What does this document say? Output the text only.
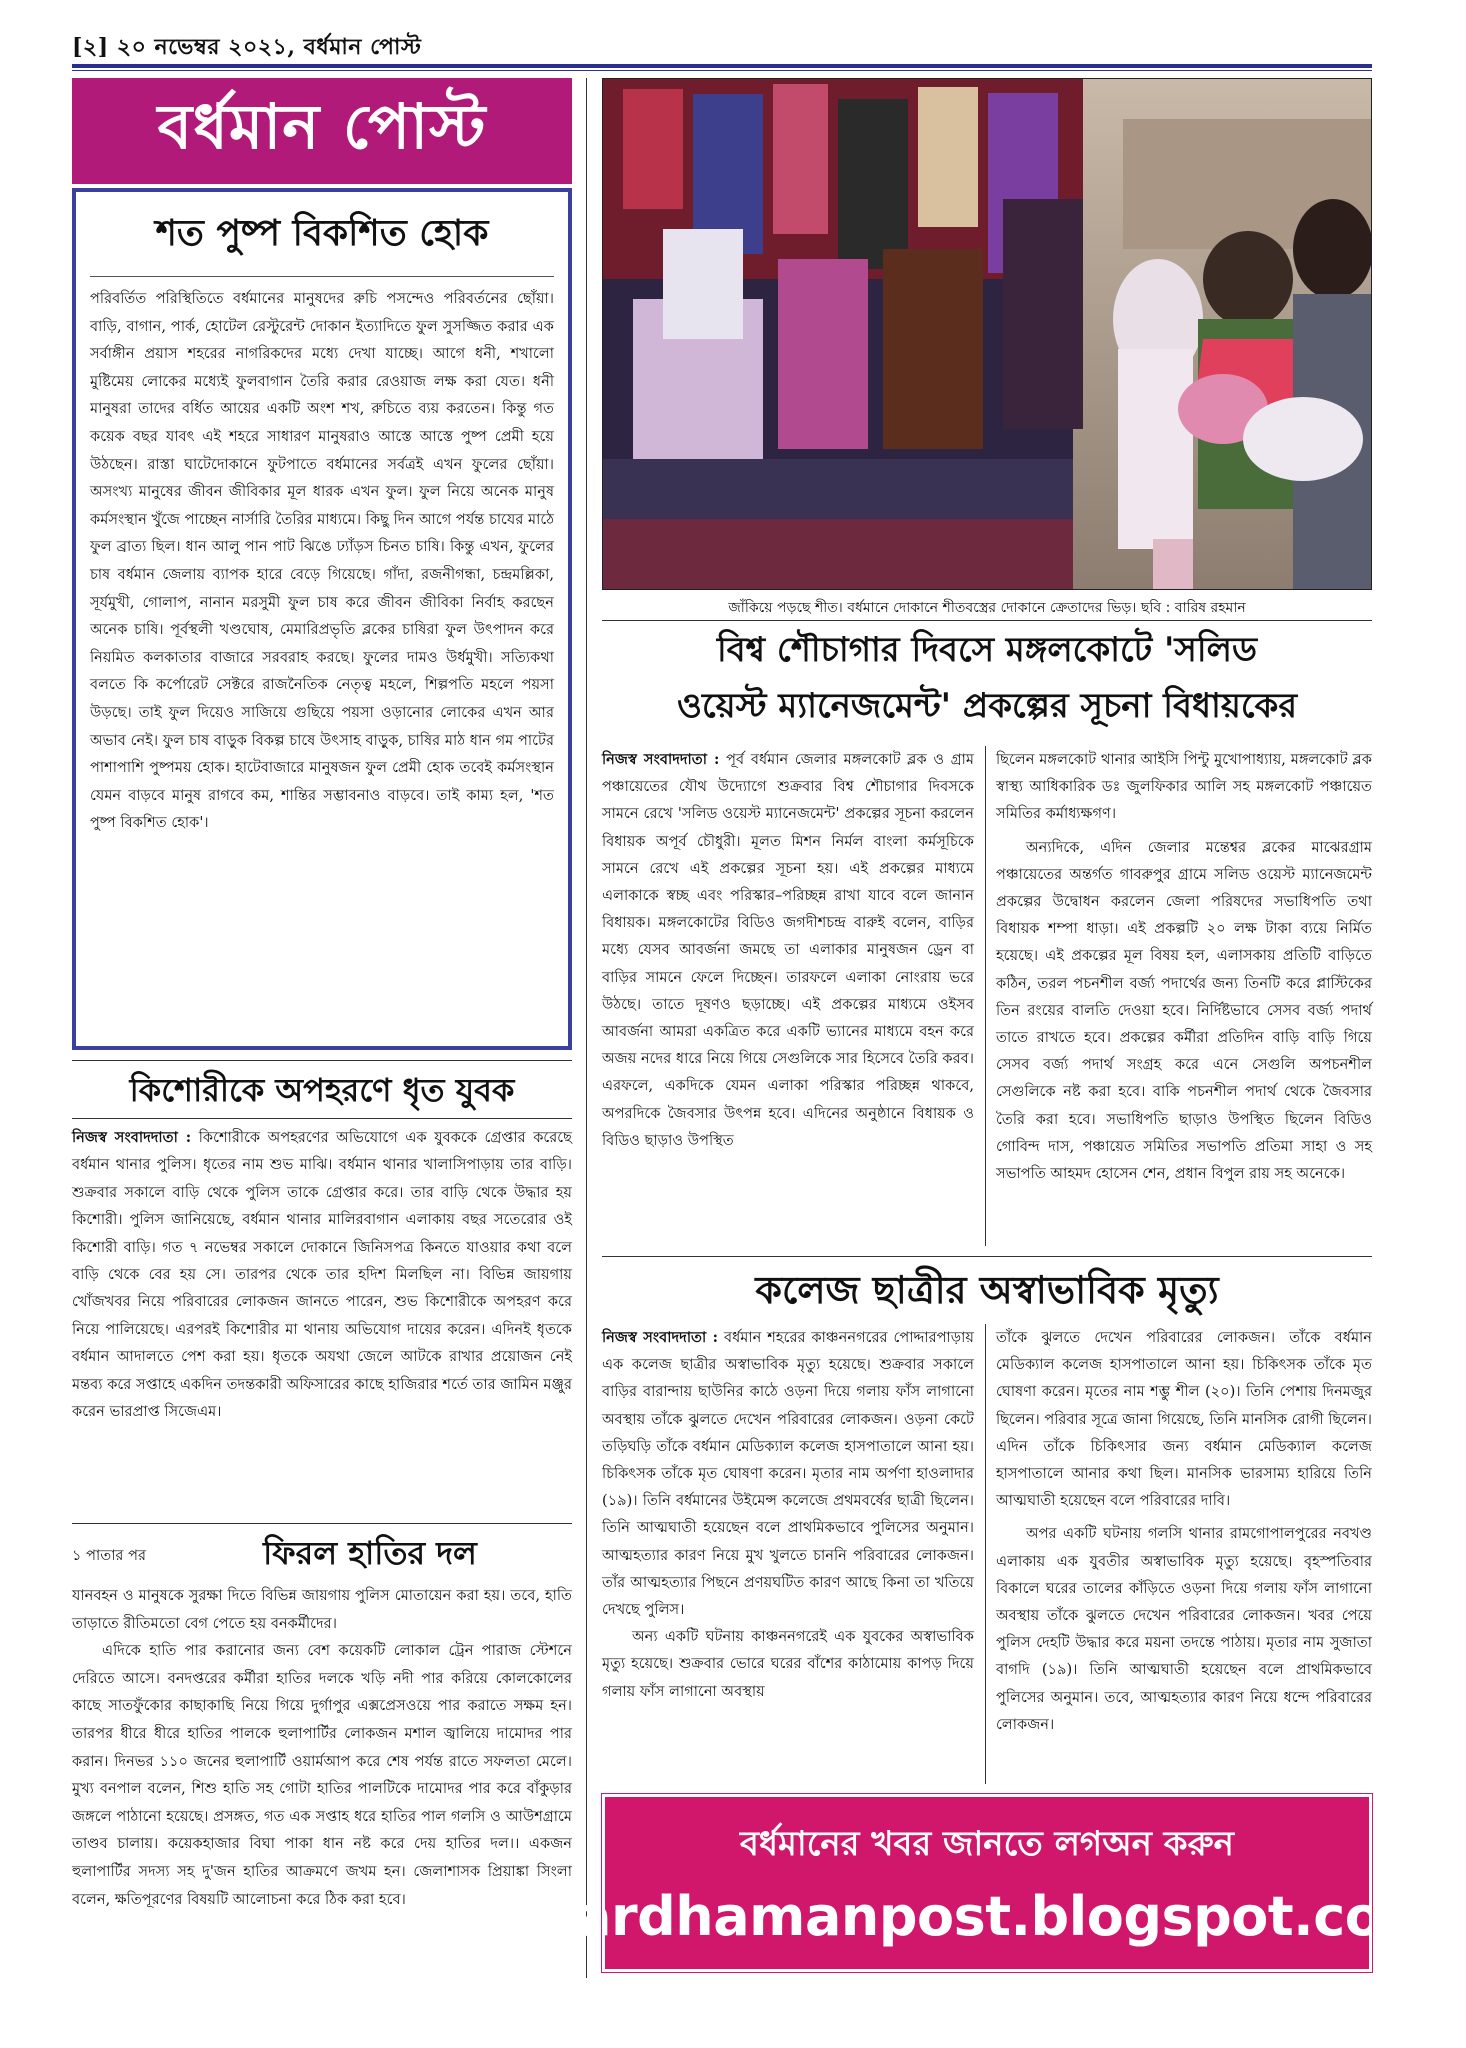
[২] ২০ নভেম্বর ২০২১, বর্ধমান পোস্ট
বর্ধমান পোস্ট
শত পুষ্প বিকশিত হোক
পরিবর্তিত পরিস্থিতিতে বর্ধমানের মানুষদের রুচি পসন্দেও পরিবর্তনের ছোঁয়া। বাড়ি, বাগান, পার্ক, হোটেল রেস্টুরেন্ট দোকান ইত্যাদিতে ফুল সুসজ্জিত করার এক সর্বাঙ্গীন প্রয়াস শহরের নাগরিকদের মধ্যে দেখা যাচ্ছে। আগে ধনী, শখালো মুষ্টিমেয় লোকের মধ্যেই ফুলবাগান তৈরি করার রেওয়াজ লক্ষ করা যেত। ধনী মানুষরা তাদের বর্ধিত আয়ের একটি অংশ শখ, রুচিতে ব্যয় করতেন। কিন্তু গত কয়েক বছর যাবৎ এই শহরে সাধারণ মানুষরাও আস্তে আস্তে পুষ্প প্রেমী হয়ে উঠছেন। রাস্তা ঘাটেদোকানে ফুটপাতে বর্ধমানের সর্বত্রই এখন ফুলের ছোঁয়া। অসংখ্য মানুষের জীবন জীবিকার মূল ধারক এখন ফুল। ফুল নিয়ে অনেক মানুষ কর্মসংস্থান খুঁজে পাচ্ছেন নার্সারি তৈরির মাধ্যমে। কিছু দিন আগে পর্যন্ত চাযের মাঠে ফুল ব্রাত্য ছিল। ধান আলু পান পাট ঝিঙে ঢ্যাঁড়স চিনত চাষি। কিন্তু এখন, ফুলের চাষ বর্ধমান জেলায় ব্যাপক হারে বেড়ে গিয়েছে। গাঁদা, রজনীগন্ধা, চন্দ্রমল্লিকা, সূর্যমুখী, গোলাপ, নানান মরসুমী ফুল চাষ করে জীবন জীবিকা নির্বাহ করছেন অনেক চাষি। পূর্বস্থলী খণ্ডঘোষ, মেমারিপ্রভৃতি ব্লকের চাষিরা ফুল উৎপাদন করে নিয়মিত কলকাতার বাজারে সরবরাহ করছে। ফুলের দামও উর্ধমুখী। সত্যিকথা বলতে কি কর্পোরেট সেক্টরে রাজনৈতিক নেতৃত্ব মহলে, শিল্পপতি মহলে পয়সা উড়ছে। তাই ফুল দিয়েও সাজিয়ে গুছিয়ে পয়সা ওড়ানোর লোকের এখন আর অভাব নেই। ফুল চাষ বাড়ুক বিকল্প চাষে উৎসাহ বাড়ুক, চাষির মাঠ ধান গম পাটের পাশাপাশি পুষ্পময় হোক। হাটেবাজারে মানুষজন ফুল প্রেমী হোক তবেই কর্মসংস্থান যেমন বাড়বে মানুষ রাগবে কম, শান্তির সম্ভাবনাও বাড়বে। তাই কাম্য হল, 'শত পুষ্প বিকশিত হোক'।
কিশোরীকে অপহরণে ধৃত যুবক
নিজস্ব সংবাদদাতা : কিশোরীকে অপহরণের অভিযোগে এক যুবককে গ্রেপ্তার করেছে বর্ধমান থানার পুলিস। ধৃতের নাম শুভ মাঝি। বর্ধমান থানার খালাসিপাড়ায় তার বাড়ি। শুক্রবার সকালে বাড়ি থেকে পুলিস তাকে গ্রেপ্তার করে। তার বাড়ি থেকে উদ্ধার হয় কিশোরী। পুলিস জানিয়েছে, বর্ধমান থানার মালিরবাগান এলাকায় বছর সতেরোর ওই কিশোরী বাড়ি। গত ৭ নভেম্বর সকালে দোকানে জিনিসপত্র কিনতে যাওয়ার কথা বলে বাড়ি থেকে বের হয় সে। তারপর থেকে তার হদিশ মিলছিল না। বিভিন্ন জায়গায় খোঁজখবর নিয়ে পরিবারের লোকজন জানতে পারেন, শুভ কিশোরীকে অপহরণ করে নিয়ে পালিয়েছে। এরপরই কিশোরীর মা থানায় অভিযোগ দায়ের করেন। এদিনই ধৃতকে বর্ধমান আদালতে পেশ করা হয়। ধৃতকে অযথা জেলে আটকে রাখার প্রয়োজন নেই মন্তব্য করে সপ্তাহে একদিন তদন্তকারী অফিসারের কাছে হাজিরার শর্তে তার জামিন মঞ্জুর করেন ভারপ্রাপ্ত সিজেএম।
১ পাতার পর	ফিরল হাতির দল

যানবহন ও মানুষকে সুরক্ষা দিতে বিভিন্ন জায়গায় পুলিস মোতায়েন করা হয়। তবে, হাতি তাড়াতে রীতিমতো বেগ পেতে হয় বনকর্মীদের।

এদিকে হাতি পার করানোর জন্য বেশ কয়েকটি লোকাল ট্রেন পারাজ স্টেশনে দেরিতে আসে। বনদপ্তরের কর্মীরা হাতির দলকে খড়ি নদী পার করিয়ে কোলকোলের কাছে সাতফুঁকোর কাছাকাছি নিয়ে গিয়ে দুর্গাপুর এক্সপ্রেসওয়ে পার করাতে সক্ষম হন। তারপর ধীরে ধীরে হাতির পালকে হুলাপার্টির লোকজন মশাল জ্বালিয়ে দামোদর পার করান। দিনভর ১১০ জনের হুলাপার্টি ওয়ার্মআপ করে শেষ পর্যন্ত রাতে সফলতা মেলে। মুখ্য বনপাল বলেন, শিশু হাতি সহ গোটা হাতির পালটিকে দামোদর পার করে বাঁকুড়ার জঙ্গলে পাঠানো হয়েছে। প্রসঙ্গত, গত এক সপ্তাহ ধরে হাতির পাল গলসি ও আউশগ্রামে তাণ্ডব চালায়। কয়েকহাজার বিঘা পাকা ধান নষ্ট করে দেয় হাতির দল।। একজন হুলাপার্টির সদস্য সহ দু'জন হাতির আক্রমণে জখম হন। জেলাশাসক প্রিয়াঙ্কা সিংলা বলেন, ক্ষতিপূরণের বিষয়টি আলোচনা করে ঠিক করা হবে।

জাঁকিয়ে পড়ছে শীত। বর্ধমানে দোকানে শীতবস্ত্রের দোকানে ক্রেতাদের ভিড়। ছবি : বারিষ রহমান
বিশ্ব শৌচাগার দিবসে মঙ্গলকোটে 'সলিড
ওয়েস্ট ম্যানেজমেন্ট' প্রকল্পের সূচনা বিধায়কের
নিজস্ব সংবাদদাতা : পূর্ব বর্ধমান জেলার মঙ্গলকোট ব্লক ও গ্রাম পঞ্চায়েতের যৌথ উদ্যোগে শুক্রবার বিশ্ব শৌচাগার দিবসকে সামনে রেখে 'সলিড ওয়েস্ট ম্যানেজমেন্ট' প্রকল্পের সূচনা করলেন বিধায়ক অপূর্ব চৌধুরী। মূলত মিশন নির্মল বাংলা কর্মসূচিকে সামনে রেখে এই প্রকল্পের সূচনা হয়। এই প্রকল্পের মাধ্যমে এলাকাকে স্বচ্ছ এবং পরিস্কার–পরিচ্ছন্ন রাখা যাবে বলে জানান বিধায়ক। মঙ্গলকোটের বিডিও জগদীশচন্দ্র বারুই বলেন, বাড়ির মধ্যে যেসব আবর্জনা জমছে তা এলাকার মানুষজন ড্রেন বা বাড়ির সামনে ফেলে দিচ্ছেন। তারফলে এলাকা নোংরায় ভরে উঠছে। তাতে দূষণও ছড়াচ্ছে। এই প্রকল্পের মাধ্যমে ওইসব আবর্জনা আমরা একত্রিত করে একটি ভ্যানের মাধ্যমে বহন করে অজয় নদের ধারে নিয়ে গিয়ে সেগুলিকে সার হিসেবে তৈরি করব। এরফলে, একদিকে যেমন এলাকা পরিস্কার পরিচ্ছন্ন থাকবে, অপরদিকে জৈবসার উৎপন্ন হবে। এদিনের অনুষ্ঠানে বিধায়ক ও বিডিও ছাড়াও উপস্থিত

ছিলেন মঙ্গলকোট থানার আইসি পিন্টু মুখোপাধ্যায়, মঙ্গলকোট ব্লক স্বাস্থ্য আধিকারিক ডঃ জুলফিকার আলি সহ মঙ্গলকোট পঞ্চায়েত সমিতির কর্মাধ্যক্ষগণ।

অন্যদিকে, এদিন জেলার মন্তেশ্বর ব্লকের মাঝেরগ্রাম পঞ্চায়েতের অন্তর্গত গাবরুপুর গ্রামে সলিড ওয়েস্ট ম্যানেজমেন্ট প্রকল্পের উদ্বোধন করলেন জেলা পরিষদের সভাধিপতি তথা বিধায়ক শম্পা ধাড়া। এই প্রকল্পটি ২০ লক্ষ টাকা ব্যয়ে নির্মিত হয়েছে। এই প্রকল্পের মূল বিষয় হল, এলাসকায় প্রতিটি বাড়িতে কঠিন, তরল পচনশীল বর্জ্য পদার্থের জন্য তিনটি করে প্লাস্টিকের তিন রংয়ের বালতি দেওয়া হবে। নির্দিষ্টভাবে সেসব বর্জ্য পদার্থ তাতে রাখতে হবে। প্রকল্পের কর্মীরা প্রতিদিন বাড়ি বাড়ি গিয়ে সেসব বর্জ্য পদার্থ সংগ্রহ করে এনে সেগুলি অপচনশীল সেগুলিকে নষ্ট করা হবে। বাকি পচনশীল পদার্থ থেকে জৈবসার তৈরি করা হবে। সভাধিপতি ছাড়াও উপস্থিত ছিলেন বিডিও গোবিন্দ দাস, পঞ্চায়েত সমিতির সভাপতি প্রতিমা সাহা ও সহ সভাপতি আহমদ হোসেন শেন, প্রধান বিপুল রায় সহ অনেকে।

কলেজ ছাত্রীর অস্বাভাবিক মৃত্যু

নিজস্ব সংবাদদাতা : বর্ধমান শহরের কাঞ্চননগরের পোদ্দারপাড়ায় এক কলেজ ছাত্রীর অস্বাভাবিক মৃত্যু হয়েছে। শুক্রবার সকালে বাড়ির বারান্দায় ছাউনির কাঠে ওড়না দিয়ে গলায় ফাঁস লাগানো অবস্থায় তাঁকে ঝুলতে দেখেন পরিবারের লোকজন। ওড়না কেটে তড়িঘড়ি তাঁকে বর্ধমান মেডিক্যাল কলেজ হাসপাতালে আনা হয়। চিকিৎসক তাঁকে মৃত ঘোষণা করেন। মৃতার নাম অর্পণা হাওলাদার (১৯)। তিনি বর্ধমানের উইমেন্স কলেজে প্রথমবর্ষের ছাত্রী ছিলেন। তিনি আত্মঘাতী হয়েছেন বলে প্রাথমিকভাবে পুলিসের অনুমান। আত্মহত্যার কারণ নিয়ে মুখ খুলতে চাননি পরিবারের লোকজন। তাঁর আত্মহত্যার পিছনে প্রণয়ঘটিত কারণ আছে কিনা তা খতিয়ে দেখছে পুলিস।

অন্য একটি ঘটনায় কাঞ্চননগরেই এক যুবকের অস্বাভাবিক মৃত্যু হয়েছে। শুক্রবার ভোরে ঘরের বাঁশের কাঠামোয় কাপড় দিয়ে গলায় ফাঁস লাগানো অবস্থায়

তাঁকে ঝুলতে দেখেন পরিবারের লোকজন। তাঁকে বর্ধমান মেডিক্যাল কলেজ হাসপাতালে আনা হয়। চিকিৎসক তাঁকে মৃত ঘোষণা করেন। মৃতের নাম শম্ভু শীল (২০)। তিনি পেশায় দিনমজুর ছিলেন। পরিবার সূত্রে জানা গিয়েছে, তিনি মানসিক রোগী ছিলেন। এদিন তাঁকে চিকিৎসার জন্য বর্ধমান মেডিক্যাল কলেজ হাসপাতালে আনার কথা ছিল। মানসিক ভারসাম্য হারিয়ে তিনি আত্মঘাতী হয়েছেন বলে পরিবারের দাবি।

অপর একটি ঘটনায় গলসি থানার রামগোপালপুরের নবখণ্ড এলাকায় এক যুবতীর অস্বাভাবিক মৃত্যু হয়েছে। বৃহস্পতিবার বিকালে ঘরের তালের কাঁড়িতে ওড়না দিয়ে গলায় ফাঁস লাগানো অবস্থায় তাঁকে ঝুলতে দেখেন পরিবারের লোকজন। খবর পেয়ে পুলিস দেহটি উদ্ধার করে ময়না তদন্তে পাঠায়। মৃতার নাম সুজাতা বাগদি (১৯)। তিনি আত্মঘাতী হয়েছেন বলে প্রাথমিকভাবে পুলিসের অনুমান। তবে, আত্মহত্যার কারণ নিয়ে ধন্দে পরিবারের লোকজন।

বর্ধমানের খবর জানতে লগঅন করুন
bardhamanpost.blogspot.com
